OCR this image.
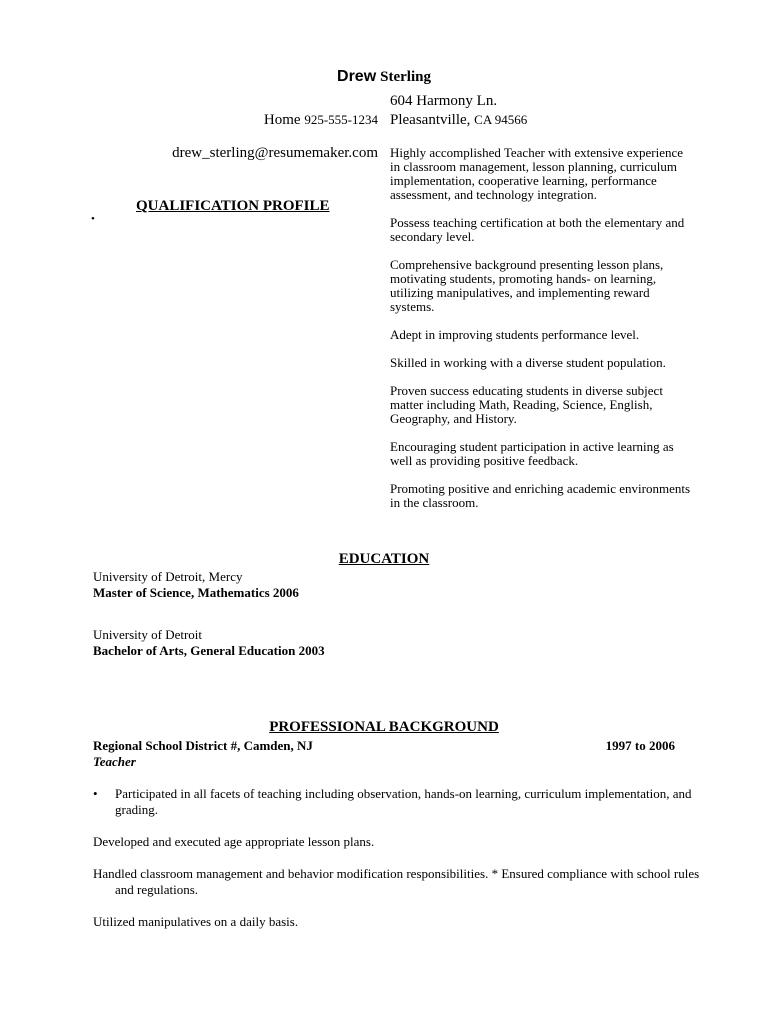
Drew Sterling
604 Harmony Ln.
Home 925-555-1234 Pleasantville, CA 94566
drew_sterling@resumemaker.com
QUALIFICATION PROFILE
•

Highly accomplished Teacher with extensive experience in classroom management, lesson planning, curriculum implementation, cooperative learning, performance assessment, and technology integration.

Possess teaching certification at both the elementary and secondary level.

Comprehensive background presenting lesson plans, motivating students, promoting hands- on learning, utilizing manipulatives, and implementing reward systems.

Adept in improving students performance level.

Skilled in working with a diverse student population.

Proven success educating students in diverse subject matter including Math, Reading, Science, English, Geography, and History.

Encouraging student participation in active learning as well as providing positive feedback.

Promoting positive and enriching academic environments in the classroom.

EDUCATION
University of Detroit, Mercy
Master of Science, Mathematics 2006
University of Detroit
Bachelor of Arts, General Education 2003
PROFESSIONAL BACKGROUND
Regional School District #, Camden, NJ	1997 to 2006
Teacher
• Participated in all facets of teaching including observation, hands-on learning, curriculum implementation, and grading.
Developed and executed age appropriate lesson plans.
Handled classroom management and behavior modification responsibilities. * Ensured compliance with school rules and regulations.
Utilized manipulatives on a daily basis.
